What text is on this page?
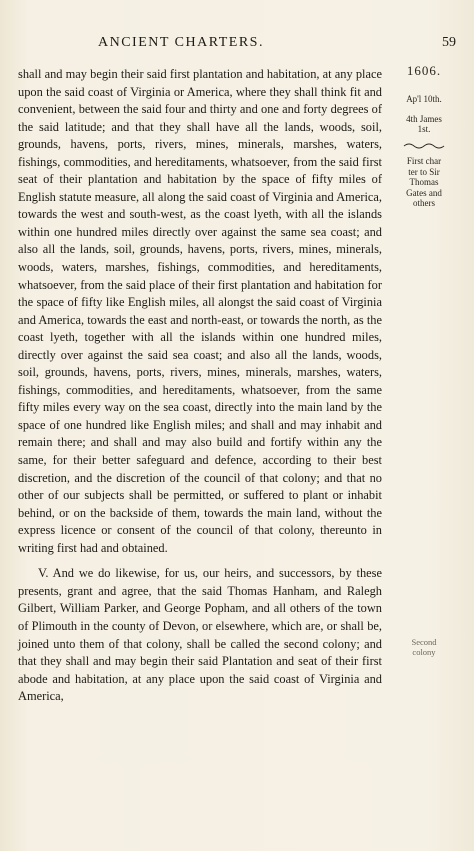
ANCIENT CHARTERS.	59

shall and may begin their said first plantation and habitation, at any place upon the said coast of Virginia or America, where they shall think fit and convenient, between the said four and thirty and one and forty degrees of the said latitude; and that they shall have all the lands, woods, soil, grounds, havens, ports, rivers, mines, minerals, marshes, waters, fishings, commodities, and hereditaments, whatsoever, from the said first seat of their plantation and habitation by the space of fifty miles of English statute measure, all along the said coast of Virginia and America, towards the west and south-west, as the coast lyeth, with all the islands within one hundred miles directly over against the same sea coast; and also all the lands, soil, grounds, havens, ports, rivers, mines, minerals, woods, waters, marshes, fishings, commodities, and hereditaments, whatsoever, from the said place of their first plantation and habitation for the space of fifty like English miles, all alongst the said coast of Virginia and America, towards the east and north-east, or towards the north, as the coast lyeth, together with all the islands within one hundred miles, directly over against the said sea coast; and also all the lands, woods, soil, grounds, havens, ports, rivers, mines, minerals, marshes, waters, fishings, commodities, and hereditaments, whatsoever, from the same fifty miles every way on the sea coast, directly into the main land by the space of one hundred like English miles; and shall and may inhabit and remain there; and shall and may also build and fortify within any the same, for their better safeguard and defence, according to their best discretion, and the discretion of the council of that colony; and that no other of our subjects shall be permitted, or suffered to plant or inhabit behind, or on the backside of them, towards the main land, without the express licence or consent of the council of that colony, thereunto in writing first had and obtained.

V. And we do likewise, for us, our heirs, and successors, by these presents, grant and agree, that the said Thomas Hanham, and Ralegh Gilbert, William Parker, and George Popham, and all others of the town of Plimouth in the county of Devon, or elsewhere, which are, or shall be, joined unto them of that colony, shall be called the second colony; and that they shall and may begin their said Plantation and seat of their first abode and habitation, at any place upon the said coast of Virginia and America,

1606.
Ap'l 10th.
4th James
1st.
First char
ter to Sir
Thomas
Gates and
others
Second
colony
